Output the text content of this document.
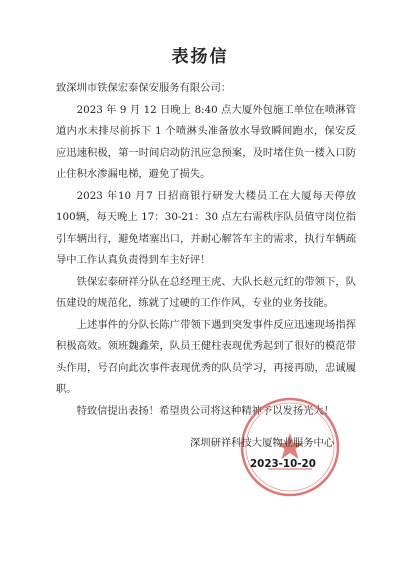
表扬信

致深圳市铁保宏泰保安服务有限公司：

2023 年 9 月 12 日晚上 8:40 点大厦外包施工单位在喷淋管道内水未排尽前拆下 1 个喷淋头准备放水导致瞬间跑水，保安反应迅速积极，第一时间启动防汛应急预案，及时堵住负一楼入口防止住积水渗漏电梯，避免了损失。

2023 年10 月7 日招商银行研发大楼员工在大厦每天停放100辆，每天晚上 17：30-21：30 点左右需秩序队员值守岗位指引车辆出行，避免堵塞出口，并耐心解答车主的需求，执行车辆疏导中工作认真负责得到车主好评！

铁保宏泰研祥分队在总经理王虎、大队长赵元红的带领下，队伍建设的规范化，练就了过硬的工作作风，专业的业务技能。

上述事件的分队长陈广带领下遇到突发事件反应迅速现场指挥积极高效。领班魏鑫荣，队员王健柱表现优秀起到了很好的模范带头作用，号召向此次事件表现优秀的队员学习，再接再励，忠诚履职。

特致信提出表扬！希望贵公司将这种精神予以发扬光大！

深圳研祥科技大厦物业服务中心
2023-10-20
